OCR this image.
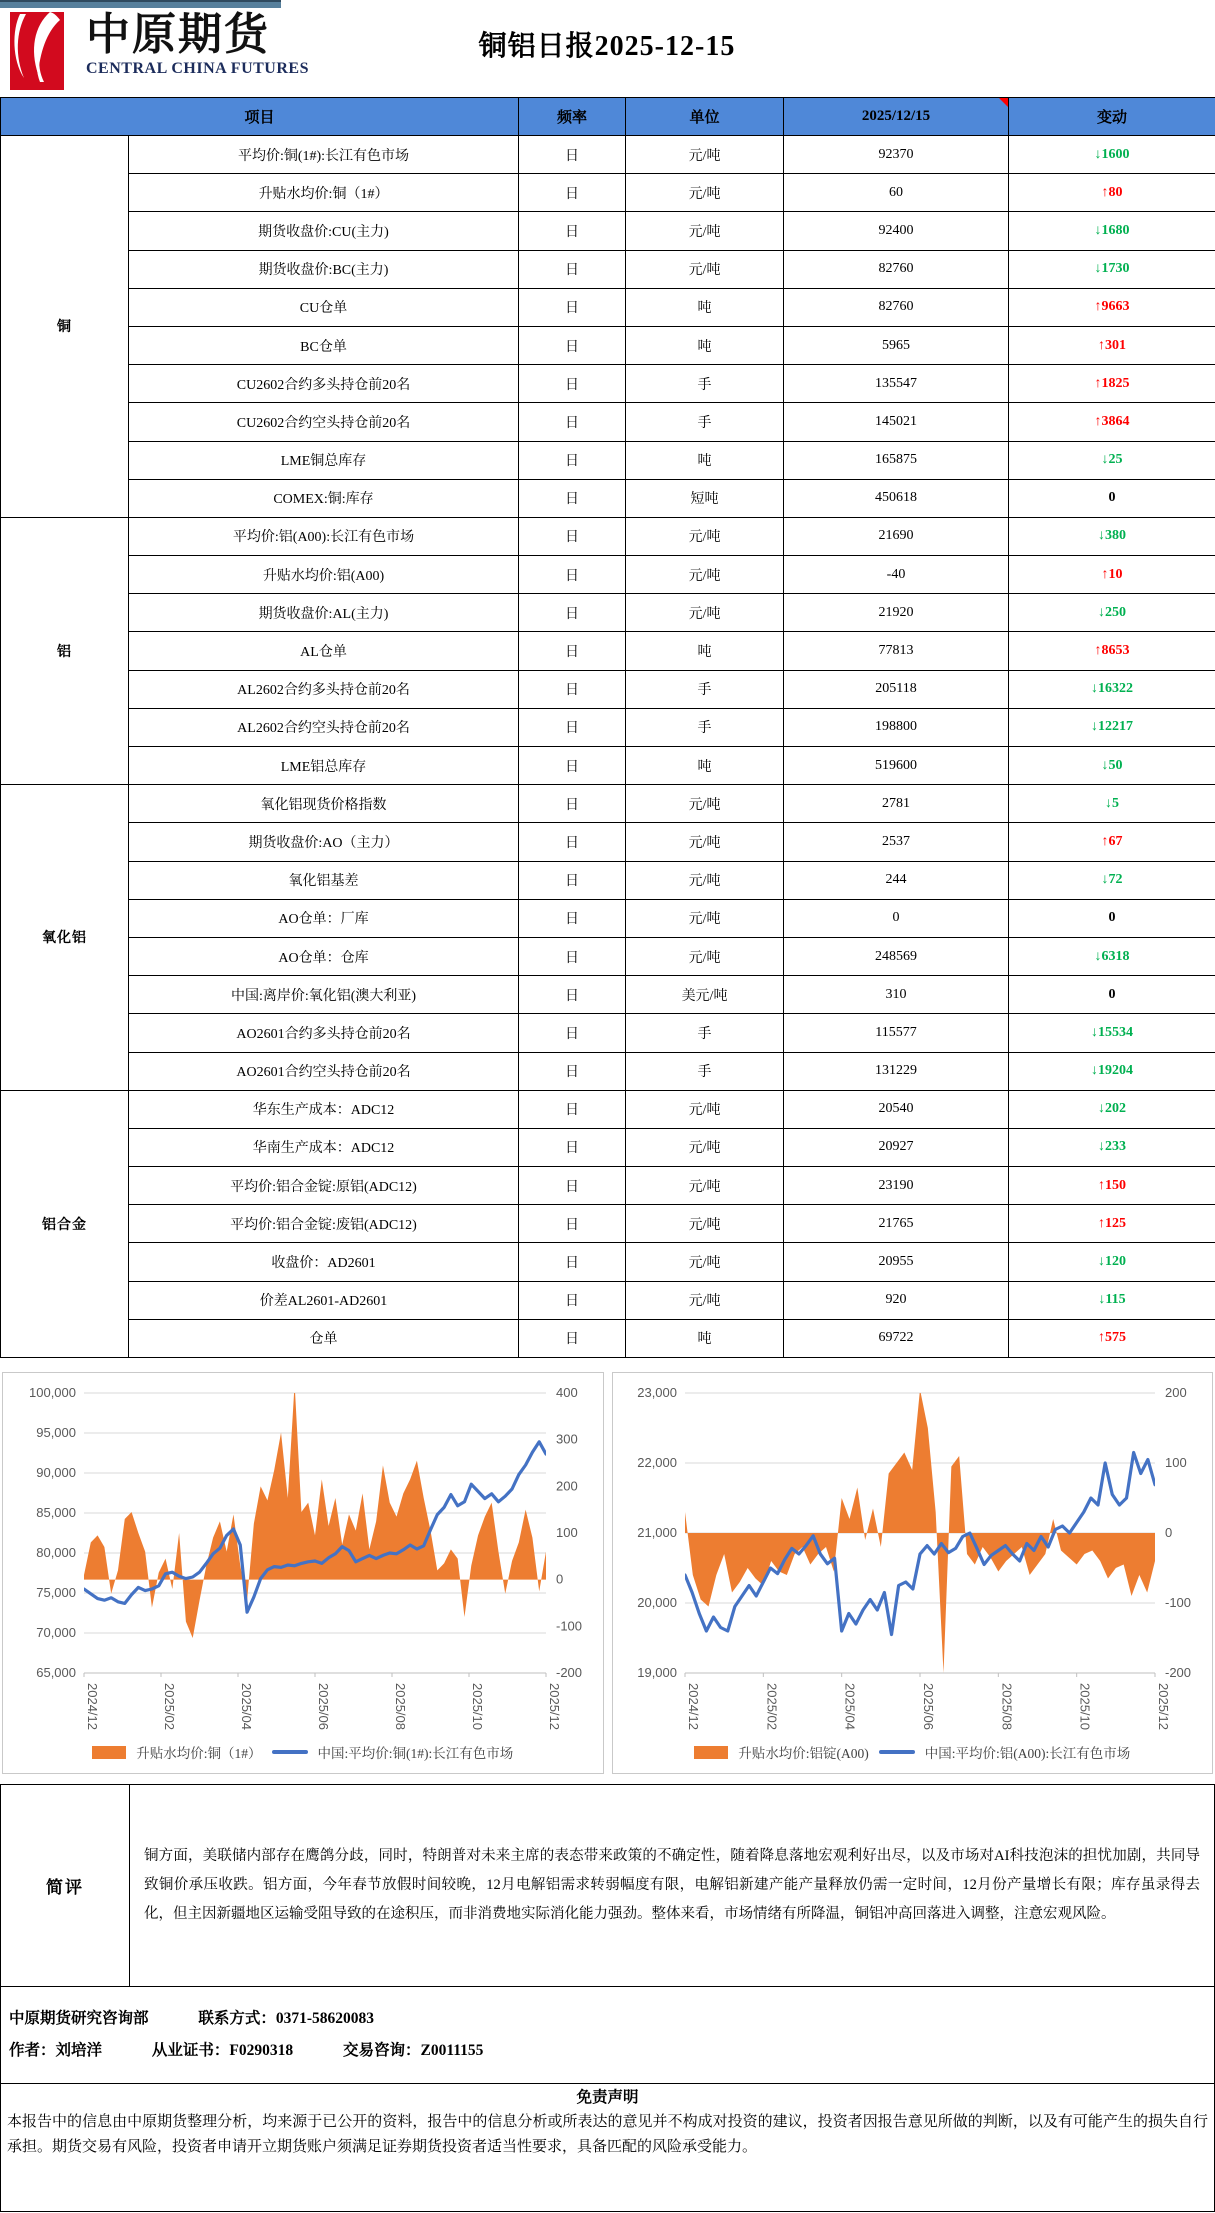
中原期货
CENTRAL CHINA FUTURES
铜铝日报2025-12-15
项目		频率	单位	2025/12/15	变动
铜	平均价:铜(1#):长江有色市场	日	元/吨	92370	↓1600
	升贴水均价:铜（1#）	日	元/吨	60	↑80
	期货收盘价:CU(主力)	日	元/吨	92400	↓1680
	期货收盘价:BC(主力)	日	元/吨	82760	↓1730
	CU仓单	日	吨	82760	↑9663
	BC仓单	日	吨	5965	↑301
	CU2602合约多头持仓前20名	日	手	135547	↑1825
	CU2602合约空头持仓前20名	日	手	145021	↑3864
	LME铜总库存	日	吨	165875	↓25
	COMEX:铜:库存	日	短吨	450618	0
铝	平均价:铝(A00):长江有色市场	日	元/吨	21690	↓380
	升贴水均价:铝(A00)	日	元/吨	-40	↑10
	期货收盘价:AL(主力)	日	元/吨	21920	↓250
	AL仓单	日	吨	77813	↑8653
	AL2602合约多头持仓前20名	日	手	205118	↓16322
	AL2602合约空头持仓前20名	日	手	198800	↓12217
	LME铝总库存	日	吨	519600	↓50
氧化铝	氧化铝现货价格指数	日	元/吨	2781	↓5
	期货收盘价:AO（主力）	日	元/吨	2537	↑67
	氧化铝基差	日	元/吨	244	↓72
	AO仓单：厂库	日	元/吨	0	0
	AO仓单：仓库	日	元/吨	248569	↓6318
	中国:离岸价:氧化铝(澳大利亚)	日	美元/吨	310	0
	AO2601合约多头持仓前20名	日	手	115577	↓15534
	AO2601合约空头持仓前20名	日	手	131229	↓19204
铝合金	华东生产成本：ADC12	日	元/吨	20540	↓202
	华南生产成本：ADC12	日	元/吨	20927	↓233
	平均价:铝合金锭:原铝(ADC12)	日	元/吨	23190	↑150
	平均价:铝合金锭:废铝(ADC12)	日	元/吨	21765	↑125
	收盘价：AD2601	日	元/吨	20955	↓120
	价差AL2601-AD2601	日	元/吨	920	↓115
	仓单	日	吨	69722	↑575
100,000
95,000
90,000
85,000
80,000
75,000
70,000
65,000
400
300
200
100
0
-100
-200
2024/12	2025/02	2025/04	2025/06	2025/08	2025/10	2025/12
升贴水均价:铜（1#）	中国:平均价:铜(1#):长江有色市场
23,000
22,000
21,000
20,000
19,000
200
100
0
-100
-200
2024/12	2025/02	2025/04	2025/06	2025/08	2025/10	2025/12
升贴水均价:铝锭(A00)	中国:平均价:铝(A00):长江有色市场
简评
铜方面，美联储内部存在鹰鸽分歧，同时，特朗普对未来主席的表态带来政策的不确定性，随着降息落地宏观利好出尽，以及市场对AI科技泡沫的担忧加剧，共同导致铜价承压收跌。铝方面，今年春节放假时间较晚，12月电解铝需求转弱幅度有限，电解铝新建产能产量释放仍需一定时间，12月份产量增长有限；库存虽录得去化，但主因新疆地区运输受阻导致的在途积压，而非消费地实际消化能力强劲。整体来看，市场情绪有所降温，铜铝冲高回落进入调整，注意宏观风险。
中原期货研究咨询部	联系方式：0371-58620083
作者：刘培洋	从业证书：F0290318	交易咨询：Z0011155
免责声明
本报告中的信息由中原期货整理分析，均来源于已公开的资料，报告中的信息分析或所表达的意见并不构成对投资的建议，投资者因报告意见所做的判断，以及有可能产生的损失自行承担。期货交易有风险，投资者申请开立期货账户须满足证券期货投资者适当性要求，具备匹配的风险承受能力。
